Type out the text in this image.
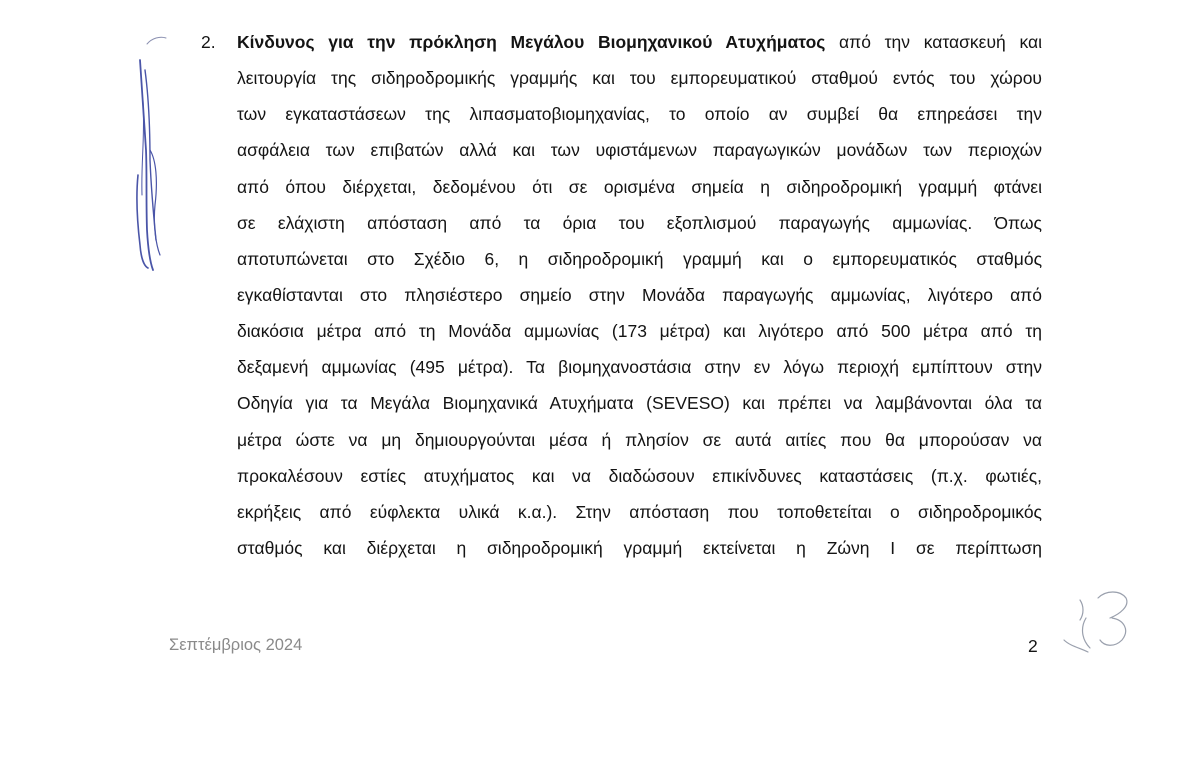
2. Κίνδυνος για την πρόκληση Μεγάλου Βιομηχανικού Ατυχήματος από την κατασκευή και
λειτουργία της σιδηροδρομικής γραμμής και του εμπορευματικού σταθμού εντός του χώρου
των εγκαταστάσεων της λιπασματοβιομηχανίας, το οποίο αν συμβεί θα επηρεάσει την
ασφάλεια των επιβατών αλλά και των υφιστάμενων παραγωγικών μονάδων των περιοχών
από όπου διέρχεται, δεδομένου ότι σε ορισμένα σημεία η σιδηροδρομική γραμμή φτάνει
σε ελάχιστη απόσταση από τα όρια του εξοπλισμού παραγωγής αμμωνίας. Όπως
αποτυπώνεται στο Σχέδιο 6, η σιδηροδρομική γραμμή και ο εμπορευματικός σταθμός
εγκαθίστανται στο πλησιέστερο σημείο στην Μονάδα παραγωγής αμμωνίας, λιγότερο από
διακόσια μέτρα από τη Μονάδα αμμωνίας (173 μέτρα) και λιγότερο από 500 μέτρα από τη
δεξαμενή αμμωνίας (495 μέτρα). Τα βιομηχανοστάσια στην εν λόγω περιοχή εμπίπτουν στην
Οδηγία για τα Μεγάλα Βιομηχανικά Ατυχήματα (SEVESO) και πρέπει να λαμβάνονται όλα τα
μέτρα ώστε να μη δημιουργούνται μέσα ή πλησίον σε αυτά αιτίες που θα μπορούσαν να
προκαλέσουν εστίες ατυχήματος και να διαδώσουν επικίνδυνες καταστάσεις (π.χ. φωτιές,
εκρήξεις από εύφλεκτα υλικά κ.α.). Στην απόσταση που τοποθετείται ο σιδηροδρομικός
σταθμός και διέρχεται η σιδηροδρομική γραμμή εκτείνεται η Ζώνη Ι σε περίπτωση
Σεπτέμβριος 2024	2
